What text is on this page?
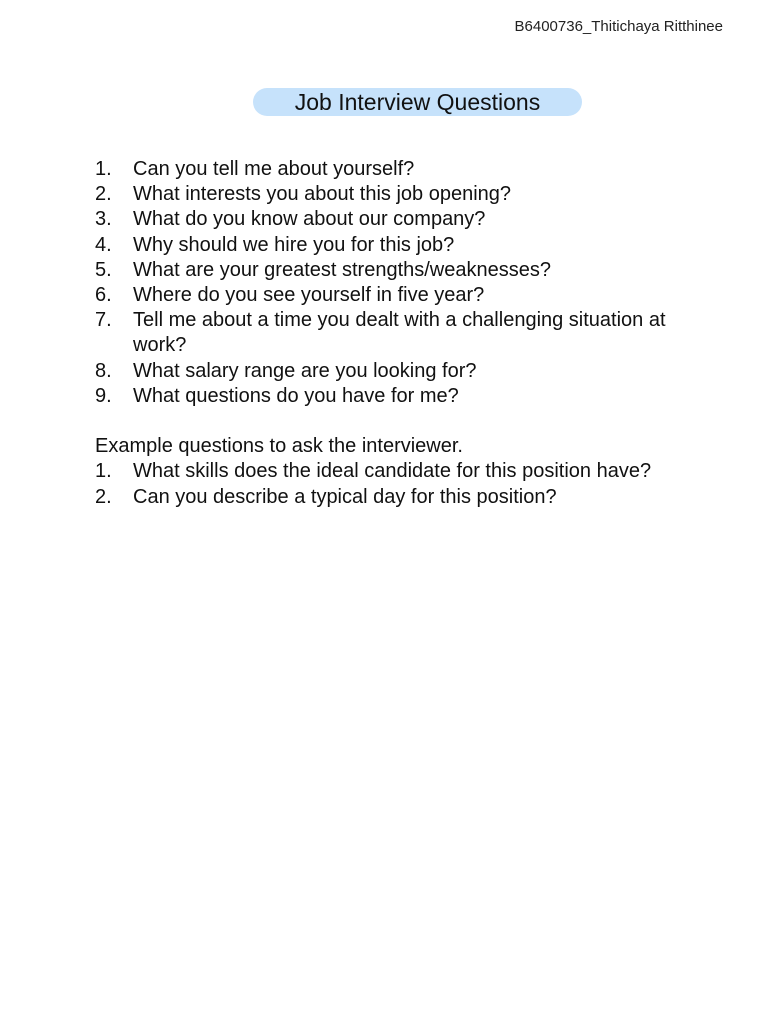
B6400736_Thitichaya Ritthinee
Job Interview Questions
1.	Can you tell me about yourself?
2.	What interests you about this job opening?
3.	What do you know about our company?
4.	Why should we hire you for this job?
5.	What are your greatest strengths/weaknesses?
6.	Where do you see yourself in five year?
7.	Tell me about a time you dealt with a challenging situation at work?
8.	What salary range are you looking for?
9.	What questions do you have for me?

Example questions to ask the interviewer.

1.	What skills does the ideal candidate for this position have?
2.	Can you describe a typical day for this position?
